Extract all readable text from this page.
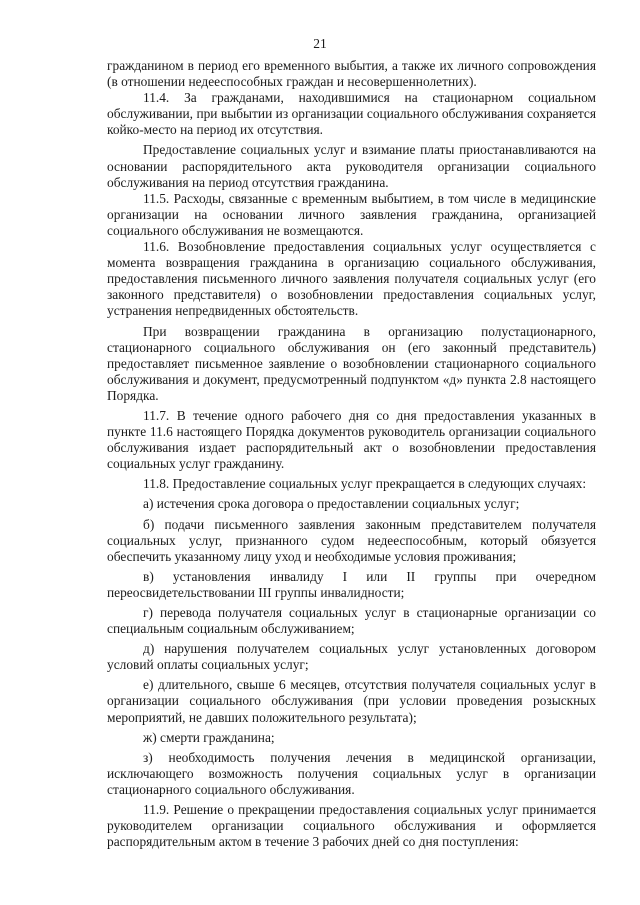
21

гражданином в период его временного выбытия, а также их личного сопровождения (в отношении недееспособных граждан и несовершеннолетних).

11.4. За гражданами, находившимися на стационарном социальном обслуживании, при выбытии из организации социального обслуживания сохраняется койко-место на период их отсутствия.

Предоставление социальных услуг и взимание платы приостанавливаются на основании распорядительного акта руководителя организации социального обслуживания на период отсутствия гражданина.

11.5. Расходы, связанные с временным выбытием, в том числе в медицинские организации на основании личного заявления гражданина, организацией социального обслуживания не возмещаются.

11.6. Возобновление предоставления социальных услуг осуществляется с момента возвращения гражданина в организацию социального обслуживания, предоставления письменного личного заявления получателя социальных услуг (его законного представителя) о возобновлении предоставления социальных услуг, устранения непредвиденных обстоятельств.

При возвращении гражданина в организацию полустационарного, стационарного социального обслуживания он (его законный представитель) предоставляет письменное заявление о возобновлении стационарного социального обслуживания и документ, предусмотренный подпунктом «д» пункта 2.8 настоящего Порядка.

11.7. В течение одного рабочего дня со дня предоставления указанных в пункте 11.6 настоящего Порядка документов руководитель организации социального обслуживания издает распорядительный акт о возобновлении предоставления социальных услуг гражданину.

11.8. Предоставление социальных услуг прекращается в следующих случаях:

а) истечения срока договора о предоставлении социальных услуг;

б) подачи письменного заявления законным представителем получателя социальных услуг, признанного судом недееспособным, который обязуется обеспечить указанному лицу уход и необходимые условия проживания;

в) установления инвалиду I или II группы при очередном переосвидетельствовании III группы инвалидности;

г) перевода получателя социальных услуг в стационарные организации со специальным социальным обслуживанием;

д) нарушения получателем социальных услуг установленных договором условий оплаты социальных услуг;

е) длительного, свыше 6 месяцев, отсутствия получателя социальных услуг в организации социального обслуживания (при условии проведения розыскных мероприятий, не давших положительного результата);

ж) смерти гражданина;

з) необходимость получения лечения в медицинской организации, исключающего возможность получения социальных услуг в организации стационарного социального обслуживания.

11.9. Решение о прекращении предоставления социальных услуг принимается руководителем организации социального обслуживания и оформляется распорядительным актом в течение 3 рабочих дней со дня поступления:
